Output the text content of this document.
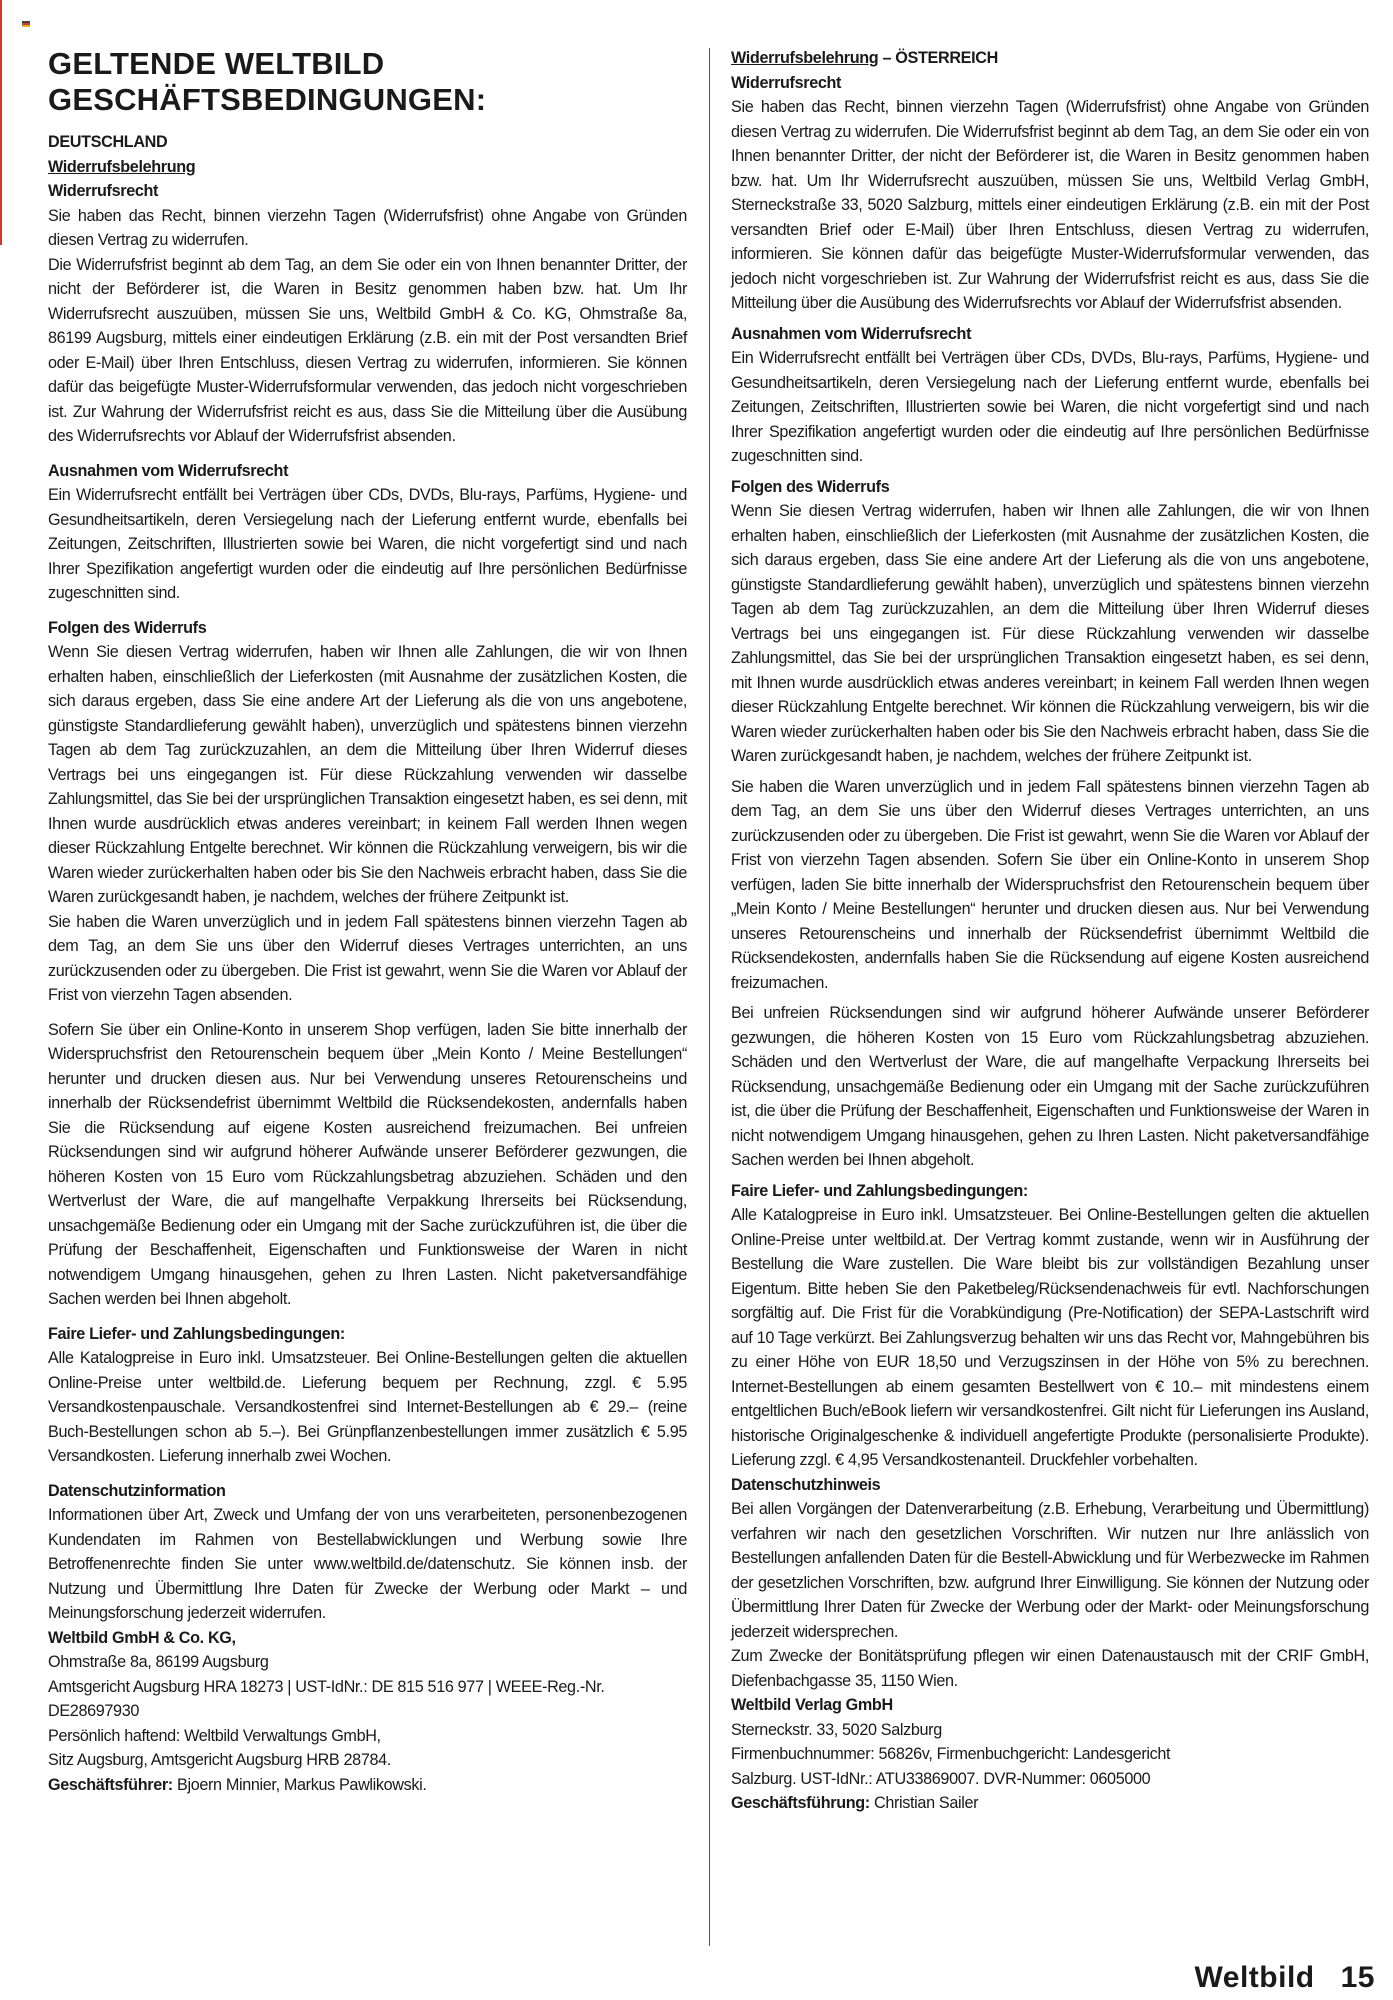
GELTENDE WELTBILD GESCHÄFTSBEDINGUNGEN:
DEUTSCHLAND
Widerrufsbelehrung
Widerrufsrecht

Sie haben das Recht, binnen vierzehn Tagen (Widerrufsfrist) ohne Angabe von Gründen diesen Vertrag zu widerrufen.

Die Widerrufsfrist beginnt ab dem Tag, an dem Sie oder ein von Ihnen benannter Dritter, der nicht der Beförderer ist, die Waren in Besitz genommen haben bzw. hat. Um Ihr Widerrufsrecht auszuüben, müssen Sie uns, Weltbild GmbH & Co. KG, Ohmstraße 8a, 86199 Augsburg, mittels einer eindeutigen Erklärung (z.B. ein mit der Post versandten Brief oder E-Mail) über Ihren Entschluss, diesen Vertrag zu widerrufen, informieren. Sie können dafür das beigefügte Muster-Widerrufsformular verwenden, das jedoch nicht vorgeschrieben ist. Zur Wahrung der Widerrufsfrist reicht es aus, dass Sie die Mitteilung über die Ausübung des Widerrufsrechts vor Ablauf der Widerrufsfrist absenden.

Ausnahmen vom Widerrufsrecht

Ein Widerrufsrecht entfällt bei Verträgen über CDs, DVDs, Blu-rays, Parfüms, Hygiene- und Gesundheitsartikeln, deren Versiegelung nach der Lieferung entfernt wurde, ebenfalls bei Zeitungen, Zeitschriften, Illustrierten sowie bei Waren, die nicht vorgefertigt sind und nach Ihrer Spezifikation angefertigt wurden oder die eindeutig auf Ihre persönlichen Bedürfnisse zugeschnitten sind.

Folgen des Widerrufs

Wenn Sie diesen Vertrag widerrufen, haben wir Ihnen alle Zahlungen, die wir von Ihnen erhalten haben, einschließlich der Lieferkosten (mit Ausnahme der zusätzlichen Kosten, die sich daraus ergeben, dass Sie eine andere Art der Lieferung als die von uns angebotene, günstigste Standardlieferung gewählt haben), unverzüglich und spätestens binnen vierzehn Tagen ab dem Tag zurückzuzahlen, an dem die Mitteilung über Ihren Widerruf dieses Vertrags bei uns eingegangen ist. Für diese Rückzahlung verwenden wir dasselbe Zahlungsmittel, das Sie bei der ursprünglichen Transaktion eingesetzt haben, es sei denn, mit Ihnen wurde ausdrücklich etwas anderes vereinbart; in keinem Fall werden Ihnen wegen dieser Rückzahlung Entgelte berechnet. Wir können die Rückzahlung verweigern, bis wir die Waren wieder zurückerhalten haben oder bis Sie den Nachweis erbracht haben, dass Sie die Waren zurückgesandt haben, je nachdem, welches der frühere Zeitpunkt ist.

Sie haben die Waren unverzüglich und in jedem Fall spätestens binnen vierzehn Tagen ab dem Tag, an dem Sie uns über den Widerruf dieses Vertrages unterrichten, an uns zurückzusenden oder zu übergeben. Die Frist ist gewahrt, wenn Sie die Waren vor Ablauf der Frist von vierzehn Tagen absenden.

Sofern Sie über ein Online-Konto in unserem Shop verfügen, laden Sie bitte innerhalb der Widerspruchsfrist den Retourenschein bequem über „Mein Konto / Meine Bestellungen“ herunter und drucken diesen aus. Nur bei Verwendung unseres Retourenscheins und innerhalb der Rücksendefrist übernimmt Weltbild die Rücksendekosten, andernfalls haben Sie die Rücksendung auf eigene Kosten ausreichend freizumachen. Bei unfreien Rücksendungen sind wir aufgrund höherer Aufwände unserer Beförderer gezwungen, die höheren Kosten von 15 Euro vom Rückzahlungsbetrag abzuziehen. Schäden und den Wertverlust der Ware, die auf mangelhafte Verpakkung Ihrerseits bei Rücksendung, unsachgemäße Bedienung oder ein Umgang mit der Sache zurückzuführen ist, die über die Prüfung der Beschaffenheit, Eigenschaften und Funktionsweise der Waren in nicht notwendigem Umgang hinausgehen, gehen zu Ihren Lasten. Nicht paketversandfähige Sachen werden bei Ihnen abgeholt.

Faire Liefer- und Zahlungsbedingungen:

Alle Katalogpreise in Euro inkl. Umsatzsteuer. Bei Online-Bestellungen gelten die aktuellen Online-Preise unter weltbild.de. Lieferung bequem per Rechnung, zzgl. € 5.95 Versandkostenpauschale. Versandkostenfrei sind Internet-Bestellungen ab € 29.– (reine Buch-Bestellungen schon ab 5.–). Bei Grünpflanzenbestellungen immer zusätzlich € 5.95 Versandkosten. Lieferung innerhalb zwei Wochen.

Datenschutzinformation

Informationen über Art, Zweck und Umfang der von uns verarbeiteten, personenbezogenen Kundendaten im Rahmen von Bestellabwicklungen und Werbung sowie Ihre Betroffenenrechte finden Sie unter www.weltbild.de/datenschutz. Sie können insb. der Nutzung und Übermittlung Ihre Daten für Zwecke der Werbung oder Markt – und Meinungsforschung jederzeit widerrufen.

Weltbild GmbH & Co. KG,
Ohmstraße 8a, 86199 Augsburg
Amtsgericht Augsburg HRA 18273 | UST-IdNr.: DE 815 516 977 | WEEE-Reg.-Nr. DE28697930
Persönlich haftend: Weltbild Verwaltungs GmbH,
Sitz Augsburg, Amtsgericht Augsburg HRB 28784.
Geschäftsführer: Bjoern Minnier, Markus Pawlikowski.
Widerrufsbelehrung – ÖSTERREICH
Widerrufsrecht

Sie haben das Recht, binnen vierzehn Tagen (Widerrufsfrist) ohne Angabe von Gründen diesen Vertrag zu widerrufen. Die Widerrufsfrist beginnt ab dem Tag, an dem Sie oder ein von Ihnen benannter Dritter, der nicht der Beförderer ist, die Waren in Besitz genommen haben bzw. hat. Um Ihr Widerrufsrecht auszuüben, müssen Sie uns, Weltbild Verlag GmbH, Sterneckstraße 33, 5020 Salzburg, mittels einer eindeutigen Erklärung (z.B. ein mit der Post versandten Brief oder E-Mail) über Ihren Entschluss, diesen Vertrag zu widerrufen, informieren. Sie können dafür das beigefügte Muster-Widerrufsformular verwenden, das jedoch nicht vorgeschrieben ist. Zur Wahrung der Widerrufsfrist reicht es aus, dass Sie die Mitteilung über die Ausübung des Widerrufsrechts vor Ablauf der Widerrufsfrist absenden.

Ausnahmen vom Widerrufsrecht

Ein Widerrufsrecht entfällt bei Verträgen über CDs, DVDs, Blu-rays, Parfüms, Hygiene- und Gesundheitsartikeln, deren Versiegelung nach der Lieferung entfernt wurde, ebenfalls bei Zeitungen, Zeitschriften, Illustrierten sowie bei Waren, die nicht vorgefertigt sind und nach Ihrer Spezifikation angefertigt wurden oder die eindeutig auf Ihre persönlichen Bedürfnisse zugeschnitten sind.

Folgen des Widerrufs

Wenn Sie diesen Vertrag widerrufen, haben wir Ihnen alle Zahlungen, die wir von Ihnen erhalten haben, einschließlich der Lieferkosten (mit Ausnahme der zusätzlichen Kosten, die sich daraus ergeben, dass Sie eine andere Art der Lieferung als die von uns angebotene, günstigste Standardlieferung gewählt haben), unverzüglich und spätestens binnen vierzehn Tagen ab dem Tag zurückzuzahlen, an dem die Mitteilung über Ihren Widerruf dieses Vertrags bei uns eingegangen ist. Für diese Rückzahlung verwenden wir dasselbe Zahlungsmittel, das Sie bei der ursprünglichen Transaktion eingesetzt haben, es sei denn, mit Ihnen wurde ausdrücklich etwas anderes vereinbart; in keinem Fall werden Ihnen wegen dieser Rückzahlung Entgelte berechnet. Wir können die Rückzahlung verweigern, bis wir die Waren wieder zurückerhalten haben oder bis Sie den Nachweis erbracht haben, dass Sie die Waren zurückgesandt haben, je nachdem, welches der frühere Zeitpunkt ist.

Sie haben die Waren unverzüglich und in jedem Fall spätestens binnen vierzehn Tagen ab dem Tag, an dem Sie uns über den Widerruf dieses Vertrages unterrichten, an uns zurückzusenden oder zu übergeben. Die Frist ist gewahrt, wenn Sie die Waren vor Ablauf der Frist von vierzehn Tagen absenden. Sofern Sie über ein Online-Konto in unserem Shop verfügen, laden Sie bitte innerhalb der Widerspruchsfrist den Retourenschein bequem über „Mein Konto / Meine Bestellungen“ herunter und drucken diesen aus. Nur bei Verwendung unseres Retourenscheins und innerhalb der Rücksendefrist übernimmt Weltbild die Rücksendekosten, andernfalls haben Sie die Rücksendung auf eigene Kosten ausreichend freizumachen.

Bei unfreien Rücksendungen sind wir aufgrund höherer Aufwände unserer Beförderer gezwungen, die höheren Kosten von 15 Euro vom Rückzahlungsbetrag abzuziehen. Schäden und den Wertverlust der Ware, die auf mangelhafte Verpackung Ihrerseits bei Rücksendung, unsachgemäße Bedienung oder ein Umgang mit der Sache zurückzuführen ist, die über die Prüfung der Beschaffenheit, Eigenschaften und Funktionsweise der Waren in nicht notwendigem Umgang hinausgehen, gehen zu Ihren Lasten. Nicht paketversandfähige Sachen werden bei Ihnen abgeholt.

Faire Liefer- und Zahlungsbedingungen:

Alle Katalogpreise in Euro inkl. Umsatzsteuer. Bei Online-Bestellungen gelten die aktuellen Online-Preise unter weltbild.at. Der Vertrag kommt zustande, wenn wir in Ausführung der Bestellung die Ware zustellen. Die Ware bleibt bis zur vollständigen Bezahlung unser Eigentum. Bitte heben Sie den Paketbeleg/Rücksendenachweis für evtl. Nachforschungen sorgfältig auf. Die Frist für die Vorabkündigung (Pre-Notification) der SEPA-Lastschrift wird auf 10 Tage verkürzt. Bei Zahlungsverzug behalten wir uns das Recht vor, Mahngebühren bis zu einer Höhe von EUR 18,50 und Verzugszinsen in der Höhe von 5% zu berechnen. Internet-Bestellungen ab einem gesamten Bestellwert von € 10.– mit mindestens einem entgeltlichen Buch/eBook liefern wir versandkostenfrei. Gilt nicht für Lieferungen ins Ausland, historische Originalgeschenke & individuell angefertigte Produkte (personalisierte Produkte). Lieferung zzgl. € 4,95 Versandkostenanteil. Druckfehler vorbehalten.

Datenschutzhinweis

Bei allen Vorgängen der Datenverarbeitung (z.B. Erhebung, Verarbeitung und Übermittlung) verfahren wir nach den gesetzlichen Vorschriften. Wir nutzen nur Ihre anlässlich von Bestellungen anfallenden Daten für die Bestell-Abwicklung und für Werbezwecke im Rahmen der gesetzlichen Vorschriften, bzw. aufgrund Ihrer Einwilligung. Sie können der Nutzung oder Übermittlung Ihrer Daten für Zwecke der Werbung oder der Markt- oder Meinungsforschung jederzeit widersprechen.

Zum Zwecke der Bonitätsprüfung pflegen wir einen Datenaustausch mit der CRIF GmbH, Diefenbachgasse 35, 1150 Wien.

Weltbild Verlag GmbH
Sterneckstr. 33, 5020 Salzburg
Firmenbuchnummer: 56826v, Firmenbuchgericht: Landesgericht
Salzburg. UST-IdNr.: ATU33869007. DVR-Nummer: 0605000
Geschäftsführung: Christian Sailer
Weltbild 15
